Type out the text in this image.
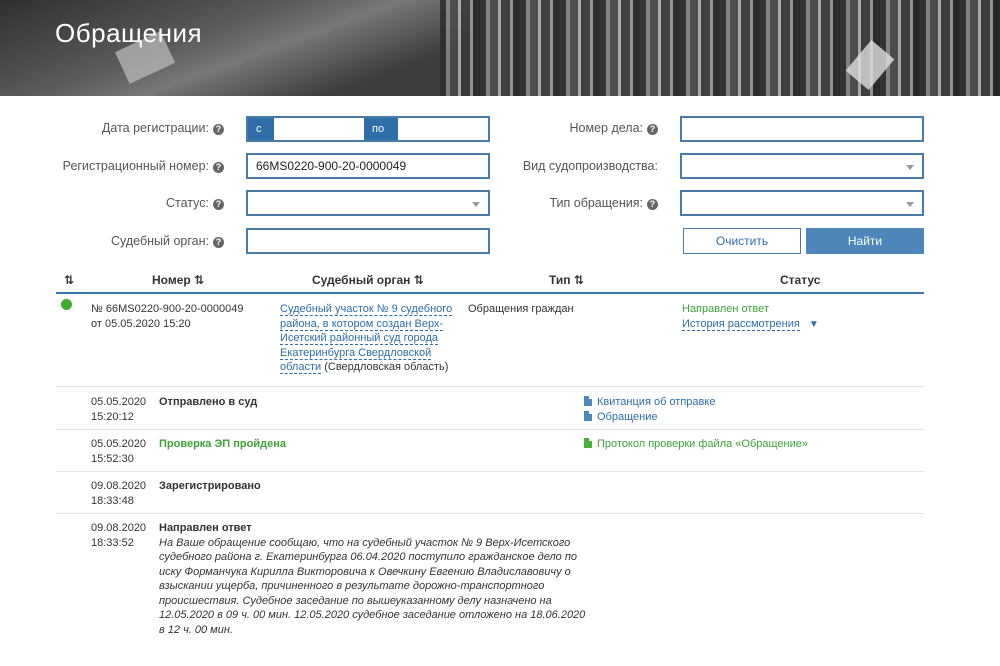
Обращения
Дата регистрации: ?	с	по
Регистрационный номер: ?	66MS0220-900-20-0000049
Статус: ?
Судебный орган: ?
Номер дела: ?
Вид судопроизводства:
Тип обращения: ?
Очистить	Найти
⇅	Номер ⇅	Судебный орган ⇅	Тип ⇅	Статус
№ 66MS0220-900-20-0000049
от 05.05.2020 15:20
Судебный участок № 9 судебного
района, в котором создан Верх-
Исетский районный суд города
Екатеринбурга Свердловской
области (Свердловская область)
Обращения граждан	Направлен ответ
История рассмотрения ▼
05.05.2020
15:20:12
Отправлено в суд	Квитанция об отправке
Обращение
05.05.2020
15:52:30
Проверка ЭП пройдена	Протокол проверки файла «Обращение»
09.08.2020
18:33:48
Зарегистрировано
09.08.2020
18:33:52
Направлен ответ
На Ваше обращение сообщаю, что на судебный участок № 9 Верх-Исетского
судебного района г. Екатеринбурга 06.04.2020 поступило гражданское дело по
иску Форманчука Кирилла Викторовича к Овечкину Евгению Владиславовичу о
взыскании ущерба, причиненного в результате дорожно-транспортного
происшествия. Судебное заседание по вышеуказанному делу назначено на
12.05.2020 в 09 ч. 00 мин. 12.05.2020 судебное заседание отложено на 18.06.2020
в 12 ч. 00 мин.
